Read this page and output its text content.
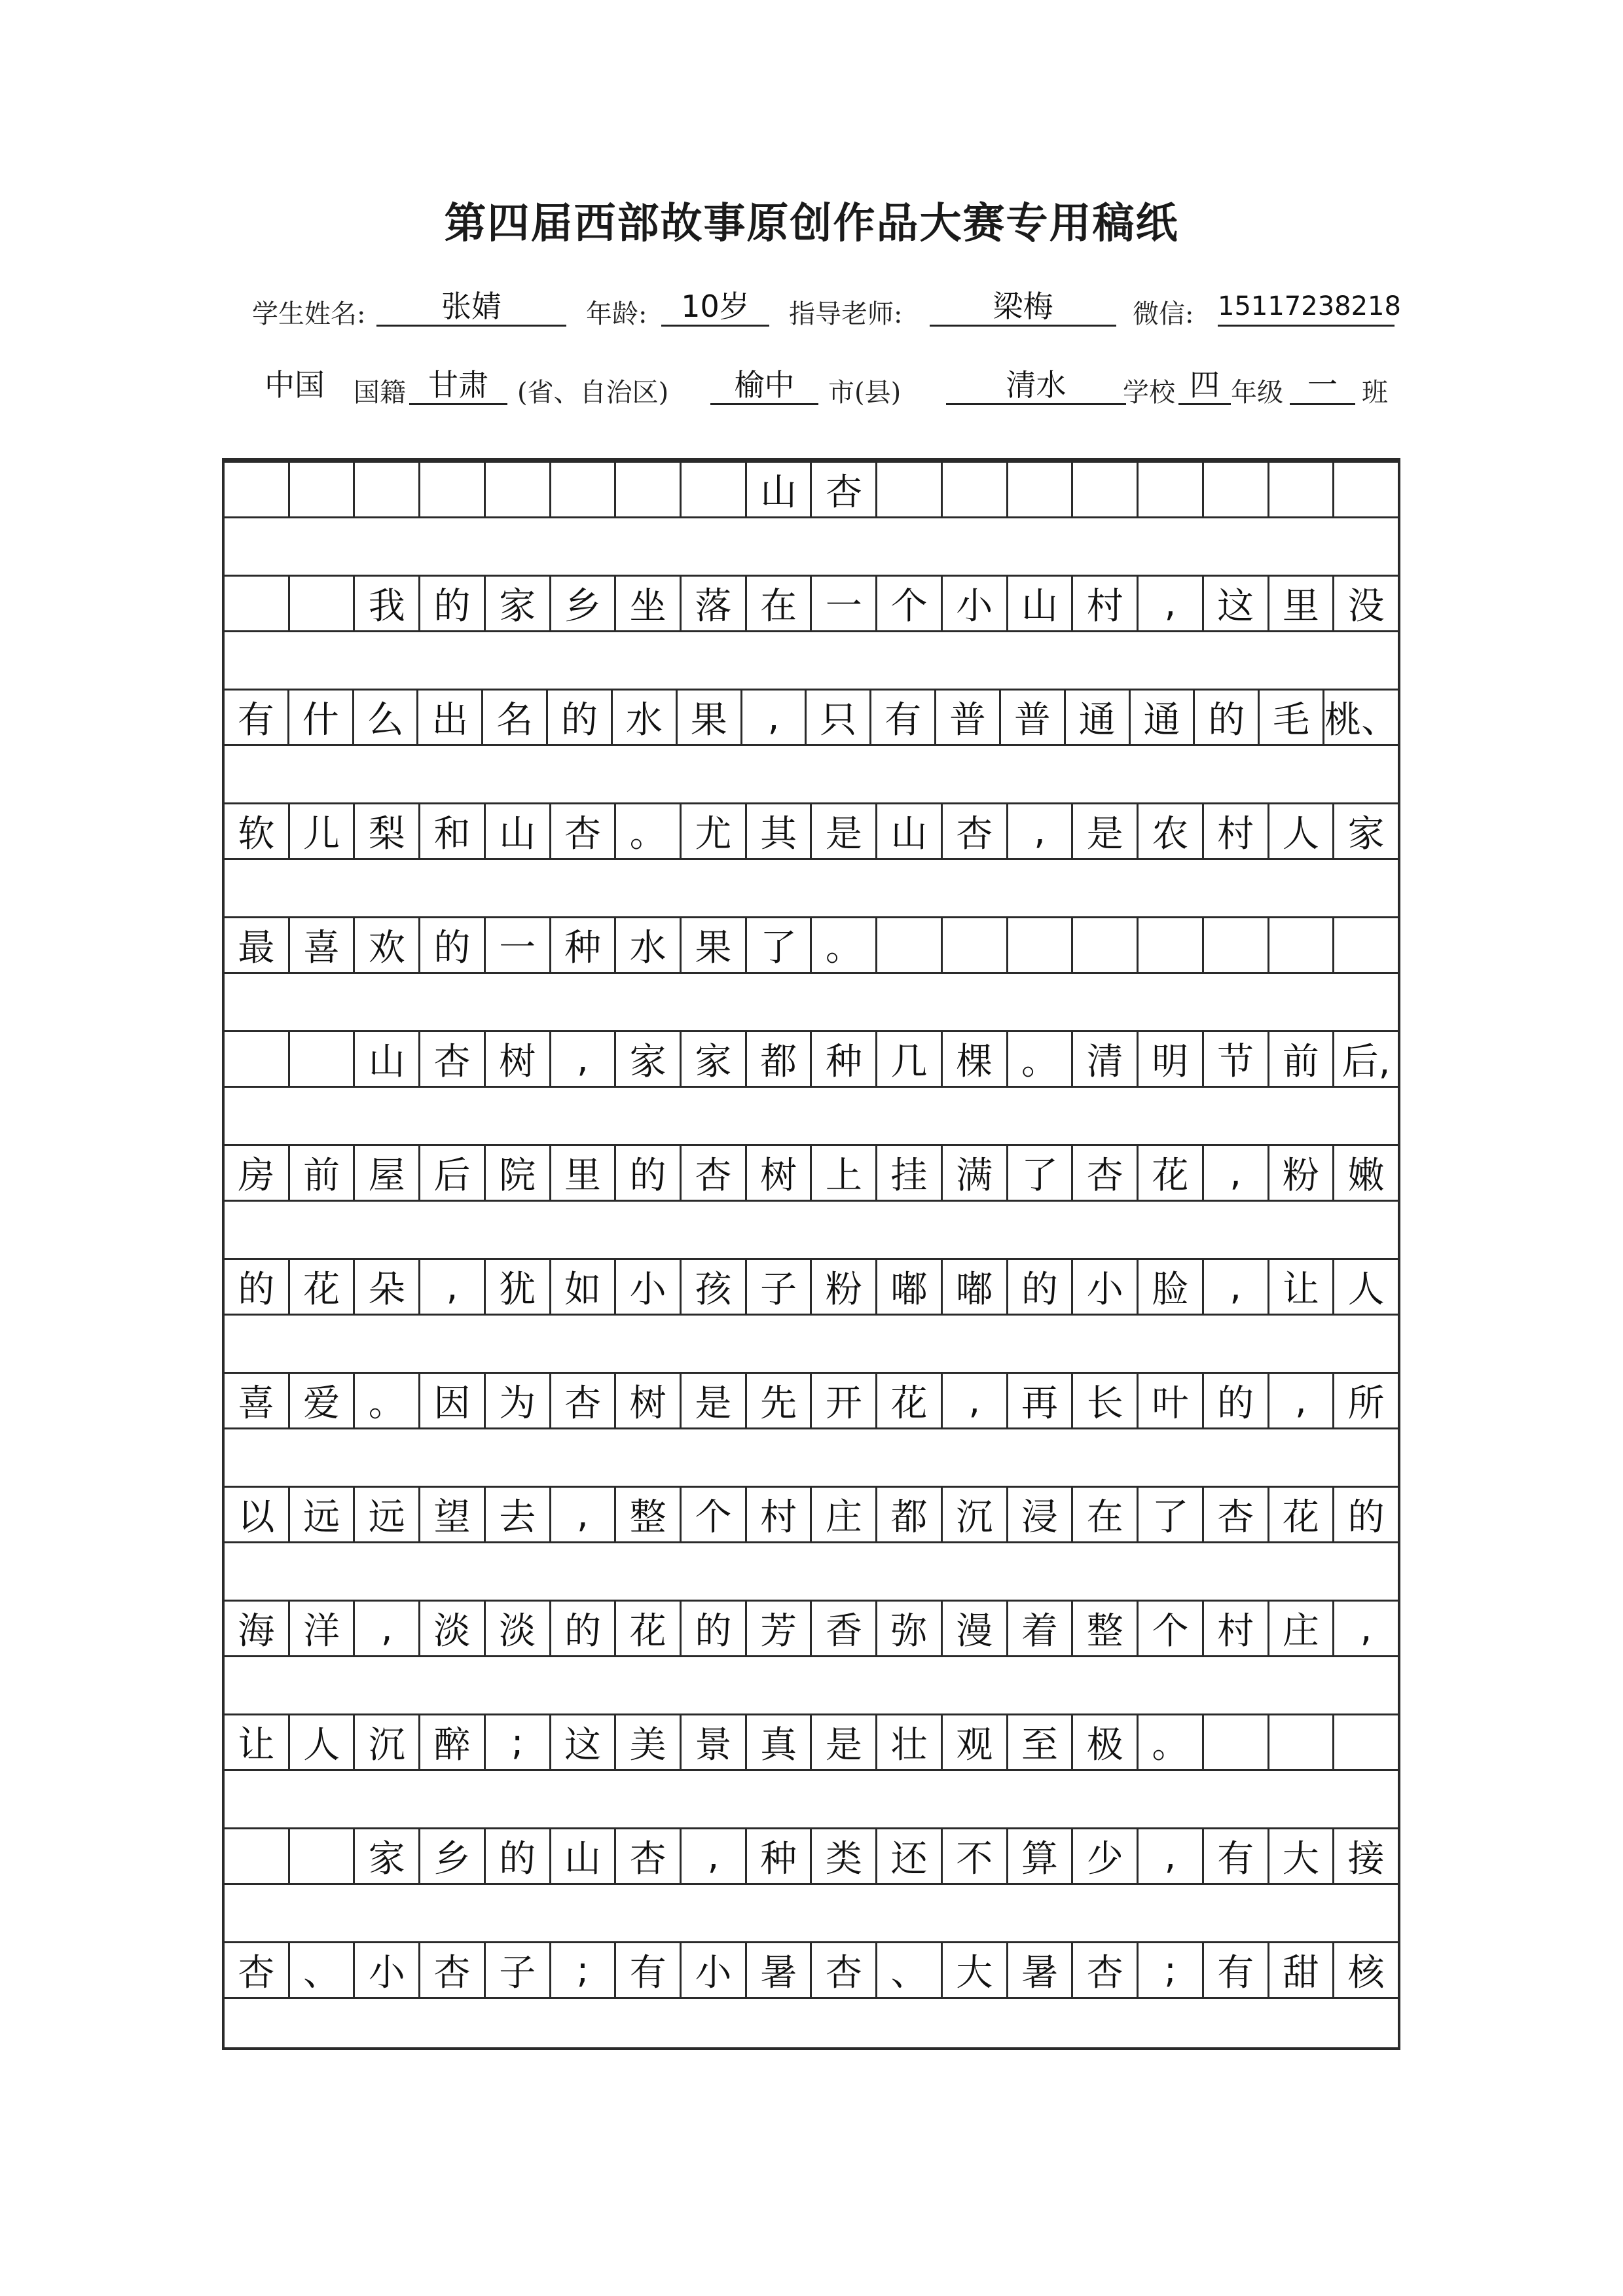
第四届西部故事原创作品大赛专用稿纸
学生姓名:	张婧	年龄:	10岁	指导老师:	梁梅	微信: 15117238218
中国	国籍 甘肃	(省、自治区)	榆中	市(县)	清水	学校 四 年级 一 班
山 杏
我 的 家 乡 坐 落 在 一 个 小 山 村	,	这 里 没
有 什 么 出 名 的 水 果	,	只 有 普 普 通 通 的 毛 桃、
软 儿 梨 和 山 杏 。 尤 其 是 山 杏	,	是 农 村 人 家
最 喜 欢 的 一 种 水 果 了 。
山 杏 树	,	家 家 都 种 几 棵 。 清 明 节 前 后,
房 前 屋 后 院 里 的 杏 树 上 挂 满 了 杏 花	,	粉 嫩
的 花 朵	,	犹 如 小 孩 子 粉 嘟 嘟 的 小 脸	,	让 人
喜 爱 。 因 为 杏 树 是 先 开 花	,	再 长 叶 的	,	所
以 远 远 望 去	,	整 个 村 庄 都 沉 浸 在 了 杏 花 的
海 洋	,	淡 淡 的 花 的 芳 香 弥 漫 着 整 个 村 庄	,
让 人 沉 醉	;	这 美 景 真 是 壮 观 至 极 。
家 乡 的 山 杏	,	种 类 还 不 算 少	,	有 大 接
杏 、 小 杏 子	;	有 小 暑 杏 、 大 暑 杏	;	有 甜 核
